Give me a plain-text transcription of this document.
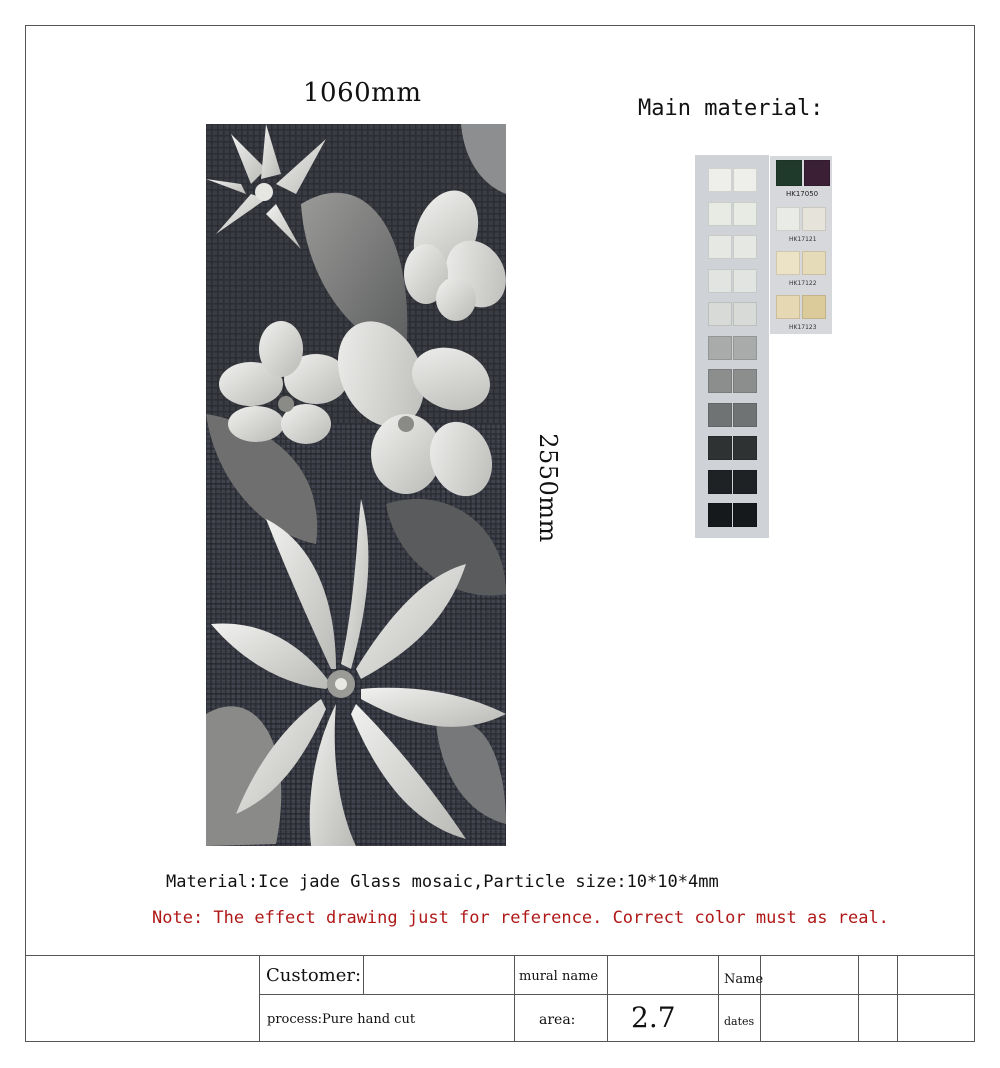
1060mm
2550mm
Main material:
HK17050
HK17121
HK17122
HK17123
Material:Ice jade Glass mosaic,Particle size:10*10*4mm
Note: The effect drawing just for reference. Correct color must as real.
Customer:	mural name	Name
process:Pure hand cut	area: 2.7	dates
